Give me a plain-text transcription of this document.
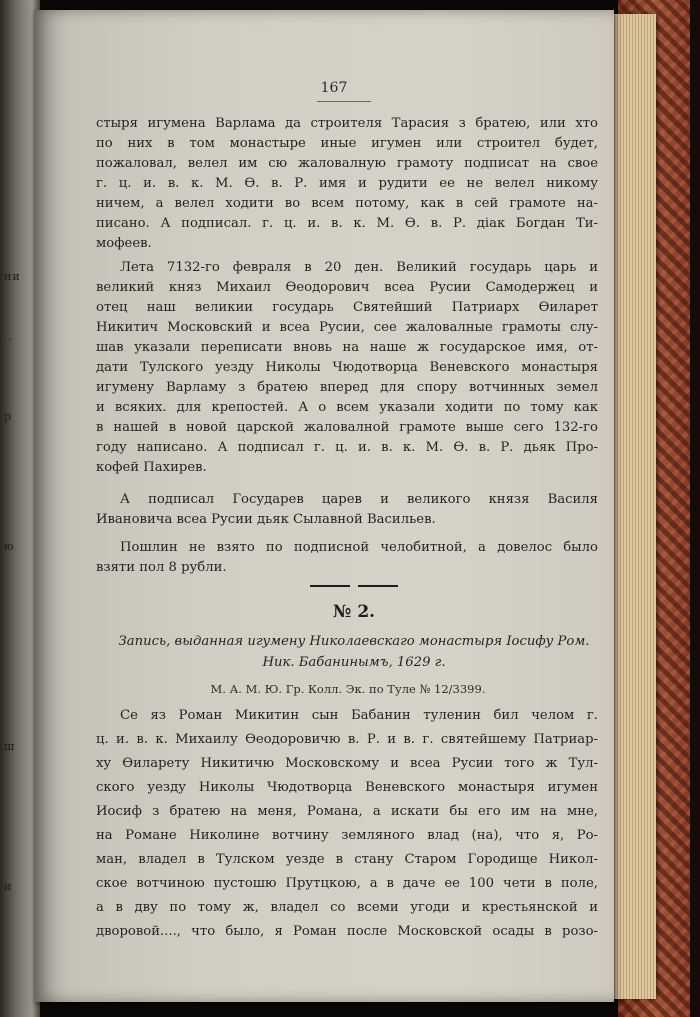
ни
..
р
ю
ш
и
167
стыря игумена Варлама да строителя Тарасия з братею, или хто
по них в том монастыре иные игумен или строител будет,
пожаловал, велел им сю жаловалную грамоту подписат на свое
г. ц. и. в. к. М. Ѳ. в. Р. имя и рудити ее не велел никому
ничем, а велел ходити во всем потому, как в сей грамоте на-
писано. А подписал. г. ц. и. в. к. М. Ѳ. в. Р. дiак Богдан Ти-
мофеев.
Лета 7132-го февраля в 20 ден. Великий государь царь и
великий княз Михаил Ѳеодорович всеа Русии Самодержец и
отец наш великии государь Святейший Патриарх Ѳиларет
Никитич Московский и всеа Русии, сее жаловалные грамоты слу-
шав указали переписати вновь на наше ж государское имя, от-
дати Тулского уезду Николы Чюдотворца Веневского монастыря
игумену Варламу з братею вперед для спору вотчинных земел
и всяких. для крепостей. А о всем указали ходити по тому как
в нашей в новой царской жаловалной грамоте выше сего 132-го
году написано. А подписал г. ц. и. в. к. М. Ѳ. в. Р. дьяк Про-
кофей Пахирев.
А подписал Государев царев и великого князя Василя
Ивановича всеа Русии дьяк Сылавной Васильев.
Пошлин не взято по подписной челобитной, а довелос было
взяти пол 8 рубли.
№ 2.
Запись, выданная игумену Николаевскаго монастыря Iосифу Ром.
Ник. Бабанинымъ, 1629 г.
М. А. М. Ю. Гр. Колл. Эк. по Туле № 12/3399.
Се яз Роман Микитин сын Бабанин туленин бил челом г.
ц. и. в. к. Михаилу Ѳеодоровичю в. Р. и в. г. святейшему Патриар-
ху Ѳиларету Никитичю Московскому и всеа Русии того ж Тул-
ского уезду Николы Чюдотворца Веневского монастыря игумен
Иосиф з братею на меня, Романа, а искати бы его им на мне,
на Романе Николине вотчину земляного влад (на), что я, Ро-
ман, владел в Тулском уезде в стану Старом Городище Никол-
ское вотчиною пустошю Прутцкою, а в даче ее 100 чети в поле,
а в дву по тому ж, владел со всеми угоди и крестьянской и
дворовой...., что было, я Роман после Московской осады в розо-
